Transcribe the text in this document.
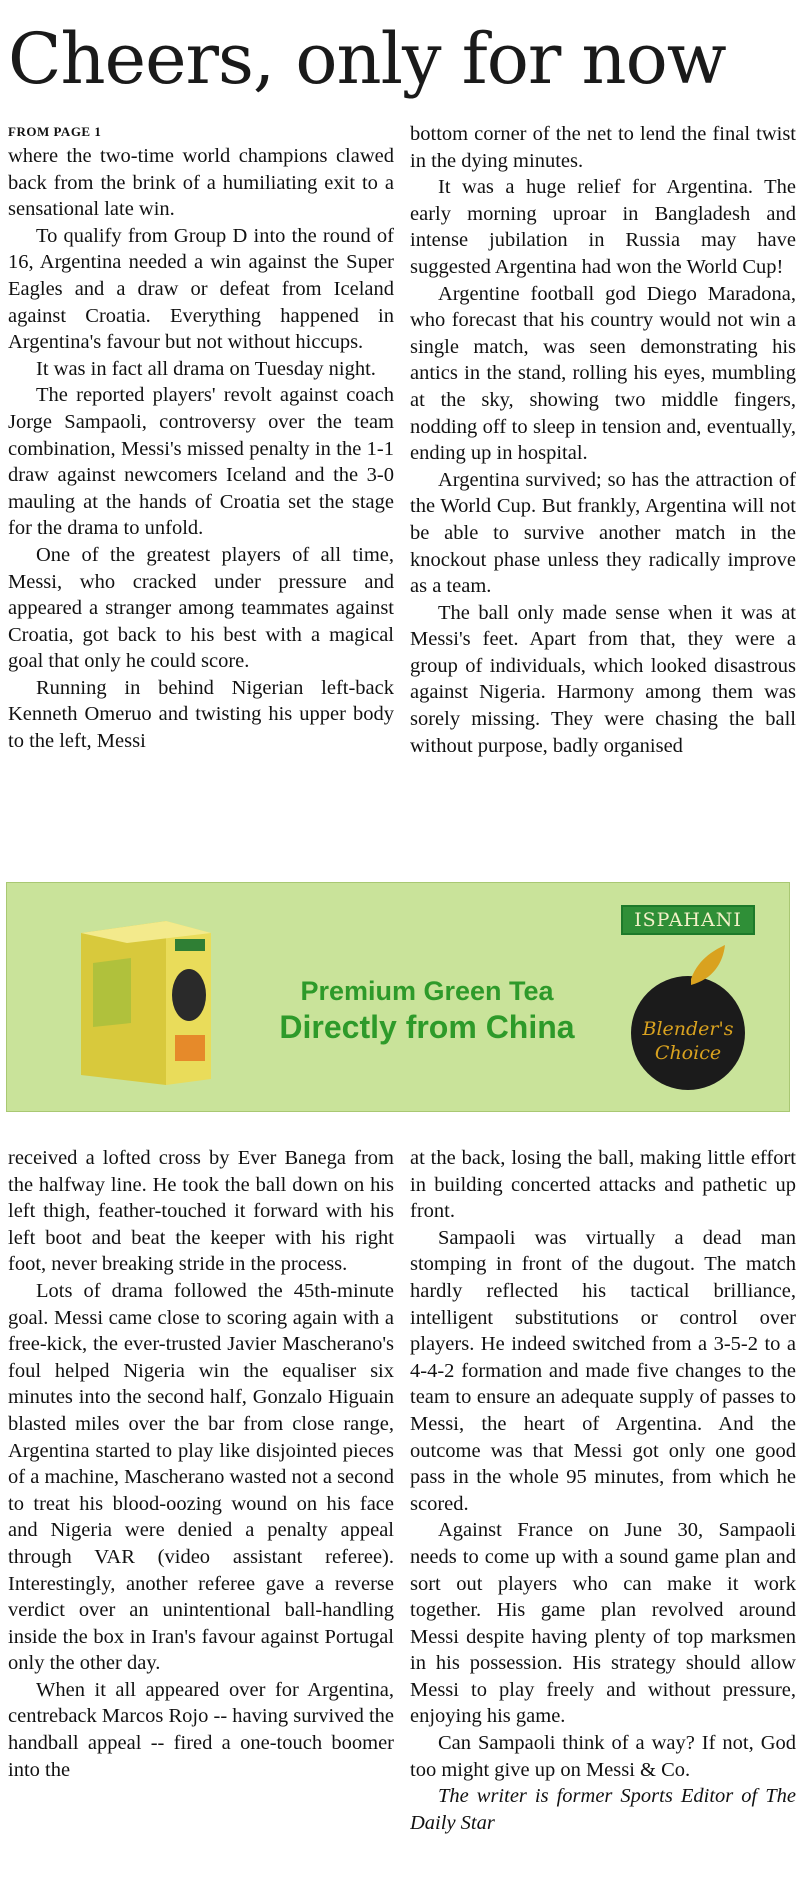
Cheers, only for now
FROM PAGE 1

where the two-time world champions clawed back from the brink of a humiliating exit to a sensational late win.

To qualify from Group D into the round of 16, Argentina needed a win against the Super Eagles and a draw or defeat from Iceland against Croatia. Everything happened in Argentina's favour but not without hiccups.

It was in fact all drama on Tuesday night.

The reported players' revolt against coach Jorge Sampaoli, controversy over the team combination, Messi's missed penalty in the 1-1 draw against newcomers Iceland and the 3-0 mauling at the hands of Croatia set the stage for the drama to unfold.

One of the greatest players of all time, Messi, who cracked under pressure and appeared a stranger among teammates against Croatia, got back to his best with a magical goal that only he could score.

Running in behind Nigerian left-back Kenneth Omeruo and twisting his upper body to the left, Messi

bottom corner of the net to lend the final twist in the dying minutes.

It was a huge relief for Argentina. The early morning uproar in Bangladesh and intense jubilation in Russia may have suggested Argentina had won the World Cup!

Argentine football god Diego Maradona, who forecast that his country would not win a single match, was seen demonstrating his antics in the stand, rolling his eyes, mumbling at the sky, showing two middle fingers, nodding off to sleep in tension and, eventually, ending up in hospital.

Argentina survived; so has the attraction of the World Cup. But frankly, Argentina will not be able to survive another match in the knockout phase unless they radically improve as a team.

The ball only made sense when it was at Messi's feet. Apart from that, they were a group of individuals, which looked disastrous against Nigeria. Harmony among them was sorely missing. They were chasing the ball without purpose, badly organised

Premium Green Tea
Directly from China
ISPAHANI
Blender's
Choice

received a lofted cross by Ever Banega from the halfway line. He took the ball down on his left thigh, feather-touched it forward with his left boot and beat the keeper with his right foot, never breaking stride in the process.

Lots of drama followed the 45th-minute goal. Messi came close to scoring again with a free-kick, the ever-trusted Javier Mascherano's foul helped Nigeria win the equaliser six minutes into the second half, Gonzalo Higuain blasted miles over the bar from close range, Argentina started to play like disjointed pieces of a machine, Mascherano wasted not a second to treat his blood-oozing wound on his face and Nigeria were denied a penalty appeal through VAR (video assistant referee). Interestingly, another referee gave a reverse verdict over an unintentional ball-handling inside the box in Iran's favour against Portugal only the other day.

When it all appeared over for Argentina, centreback Marcos Rojo -- having survived the handball appeal -- fired a one-touch boomer into the

at the back, losing the ball, making little effort in building concerted attacks and pathetic up front.

Sampaoli was virtually a dead man stomping in front of the dugout. The match hardly reflected his tactical brilliance, intelligent substitutions or control over players. He indeed switched from a 3-5-2 to a 4-4-2 formation and made five changes to the team to ensure an adequate supply of passes to Messi, the heart of Argentina. And the outcome was that Messi got only one good pass in the whole 95 minutes, from which he scored.

Against France on June 30, Sampaoli needs to come up with a sound game plan and sort out players who can make it work together. His game plan revolved around Messi despite having plenty of top marksmen in his possession. His strategy should allow Messi to play freely and without pressure, enjoying his game.

Can Sampaoli think of a way? If not, God too might give up on Messi & Co.

The writer is former Sports Editor of The Daily Star
